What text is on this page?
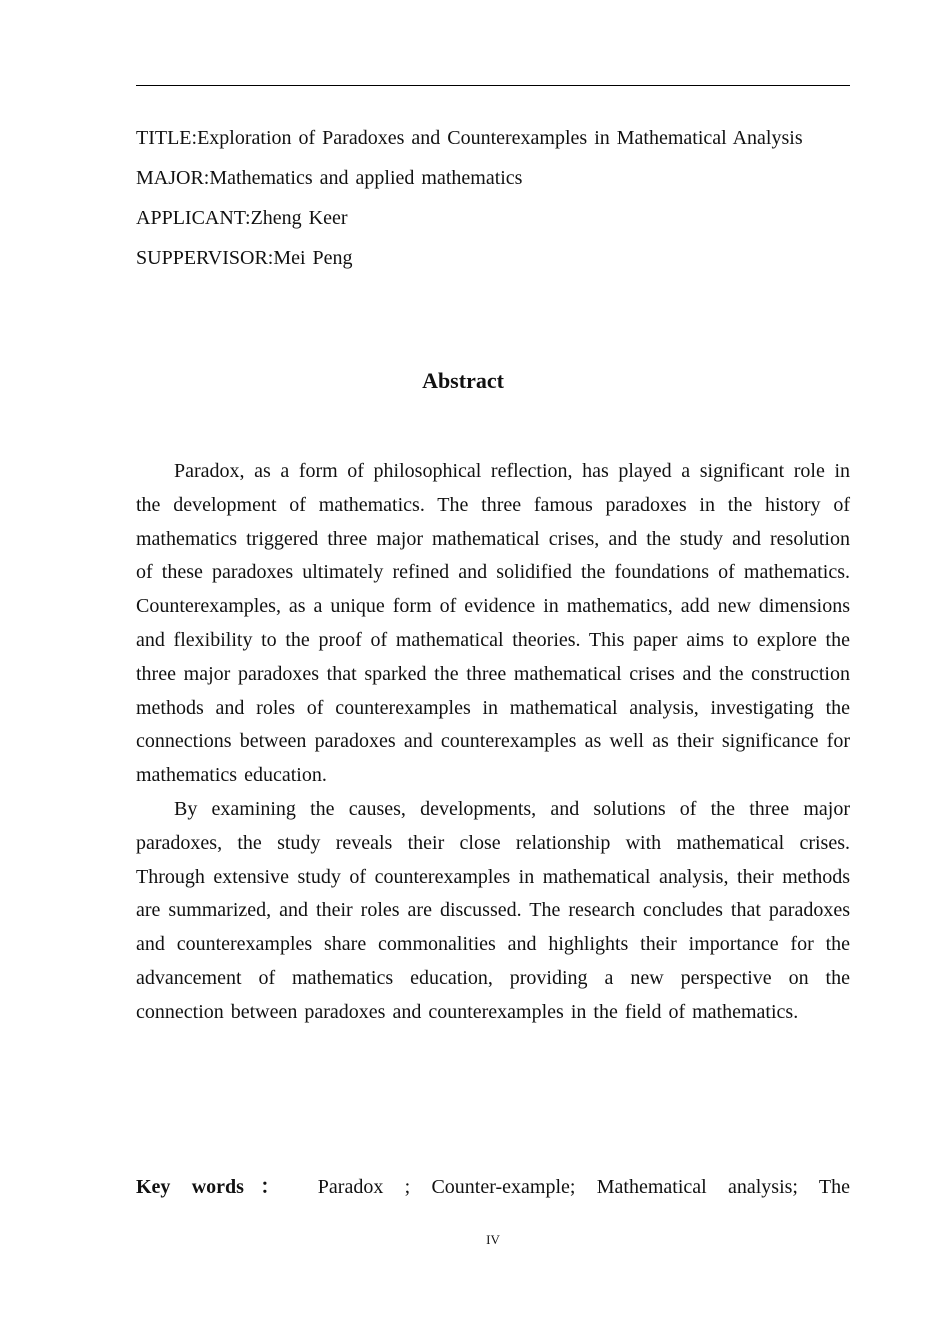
TITLE:Exploration of Paradoxes and Counterexamples in Mathematical Analysis

MAJOR:Mathematics and applied mathematics

APPLICANT:Zheng Keer

SUPPERVISOR:Mei Peng

Abstract

Paradox, as a form of philosophical reflection, has played a significant role in the development of mathematics. The three famous paradoxes in the history of mathematics triggered three major mathematical crises, and the study and resolution of these paradoxes ultimately refined and solidified the foundations of mathematics. Counterexamples, as a unique form of evidence in mathematics, add new dimensions and flexibility to the proof of mathematical theories. This paper aims to explore the three major paradoxes that sparked the three mathematical crises and the construction methods and roles of counterexamples in mathematical analysis, investigating the connections between paradoxes and counterexamples as well as their significance for mathematics education.

By examining the causes, developments, and solutions of the three major paradoxes, the study reveals their close relationship with mathematical crises. Through extensive study of counterexamples in mathematical analysis, their methods are summarized, and their roles are discussed. The research concludes that paradoxes and counterexamples share commonalities and highlights their importance for the advancement of mathematics education, providing a new perspective on the connection between paradoxes and counterexamples in the field of mathematics.

Key words： Paradox ; Counter-example; Mathematical analysis; The
IV
